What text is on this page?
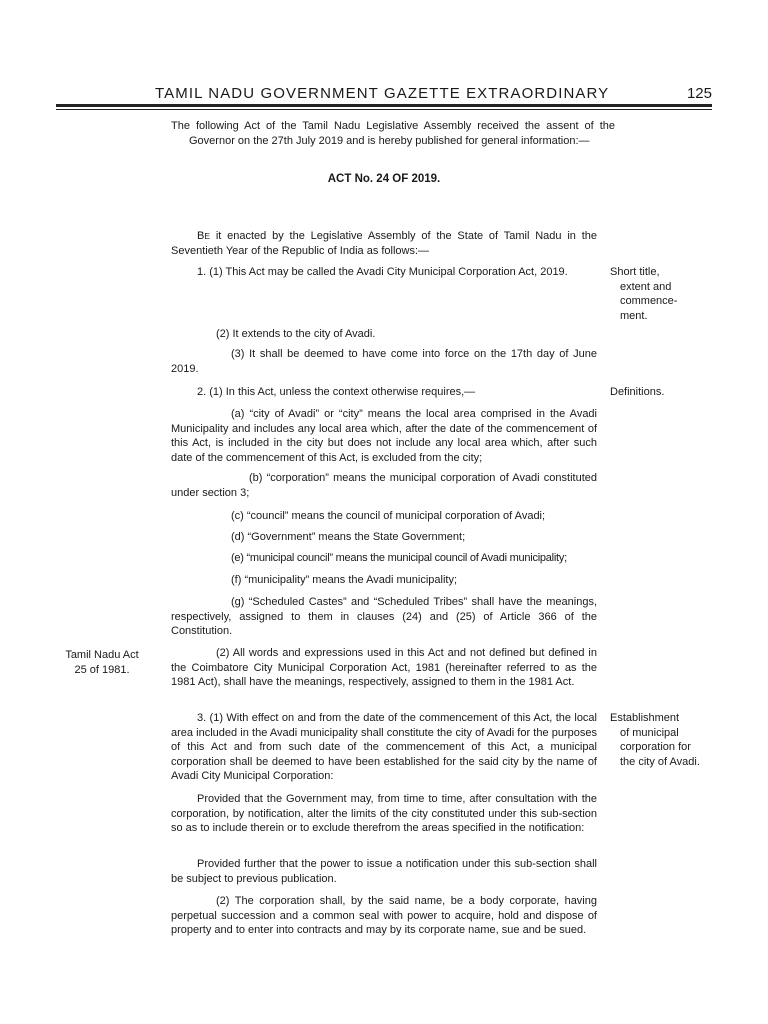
TAMIL NADU GOVERNMENT GAZETTE EXTRAORDINARY	125
The following Act of the Tamil Nadu Legislative Assembly received the assent of the Governor on the 27th July 2019 and is hereby published for general information:—
ACT No. 24 OF 2019.
BE it enacted by the Legislative Assembly of the State of Tamil Nadu in the Seventieth Year of the Republic of India as follows:—
1. (1) This Act may be called the Avadi City Municipal Corporation Act, 2019.	Short title,
extent and
commence-
ment.
(2) It extends to the city of Avadi.
(3) It shall be deemed to have come into force on the 17th day of June 2019.
2. (1) In this Act, unless the context otherwise requires,—	Definitions.
(a) “city of Avadi” or “city” means the local area comprised in the Avadi Municipality and includes any local area which, after the date of the commencement of this Act, is included in the city but does not include any local area which, after such date of the commencement of this Act, is excluded from the city;
(b) “corporation” means the municipal corporation of Avadi constituted under section 3;
(c) “council” means the council of municipal corporation of Avadi;
(d) “Government” means the State Government;
(e) “municipal council” means the municipal council of Avadi municipality;
(f) “municipality” means the Avadi municipality;
(g) “Scheduled Castes” and “Scheduled Tribes” shall have the meanings, respectively, assigned to them in clauses (24) and (25) of Article 366 of the Constitution.
(2) All words and expressions used in this Act and not defined but defined in the Coimbatore City Municipal Corporation Act, 1981 (hereinafter referred to as the 1981 Act), shall have the meanings, respectively, assigned to them in the 1981 Act.
Tamil Nadu Act
25 of 1981.
3. (1) With effect on and from the date of the commencement of this Act, the local area included in the Avadi municipality shall constitute the city of Avadi for the purposes of this Act and from such date of the commencement of this Act, a municipal corporation shall be deemed to have been established for the said city by the name of Avadi City Municipal Corporation:
Establishment
of municipal
corporation for
the city of Avadi.
Provided that the Government may, from time to time, after consultation with the corporation, by notification, alter the limits of the city constituted under this sub-section so as to include therein or to exclude therefrom the areas specified in the notification:
Provided further that the power to issue a notification under this sub-section shall be subject to previous publication.
(2) The corporation shall, by the said name, be a body corporate, having perpetual succession and a common seal with power to acquire, hold and dispose of property and to enter into contracts and may by its corporate name, sue and be sued.
